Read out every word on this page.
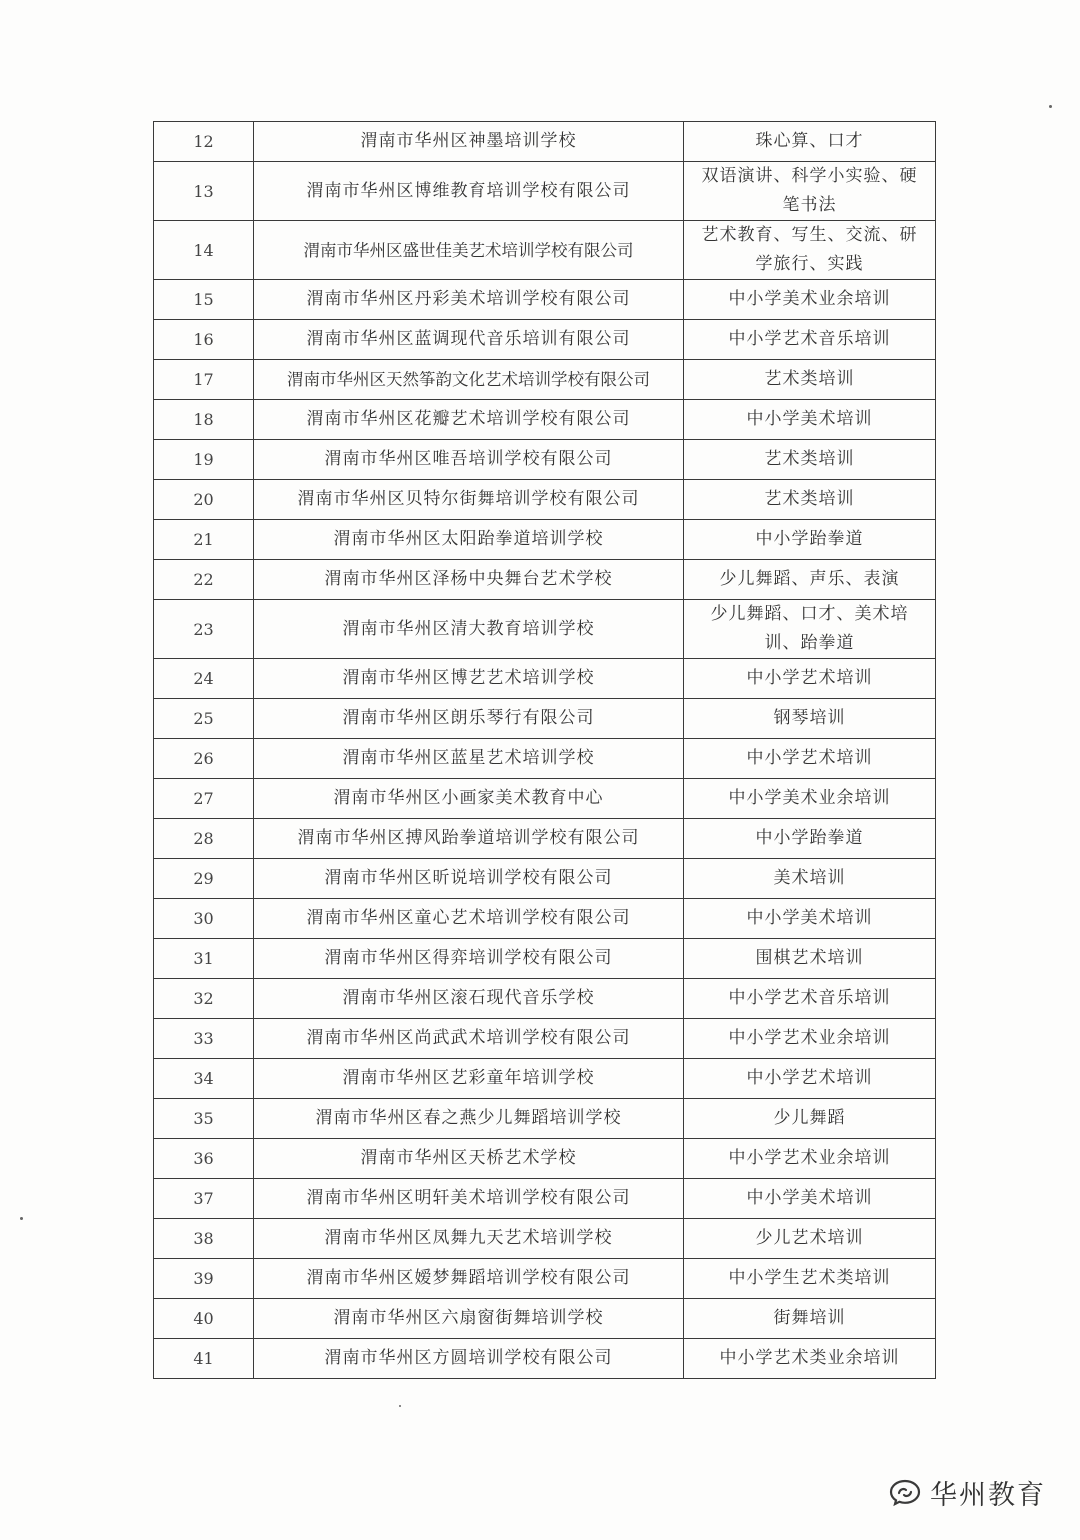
12	渭南市华州区神墨培训学校	珠心算、口才
13	渭南市华州区博维教育培训学校有限公司	双语演讲、科学小实验、硬笔书法
14	渭南市华州区盛世佳美艺术培训学校有限公司	艺术教育、写生、交流、研学旅行、实践
15	渭南市华州区丹彩美术培训学校有限公司	中小学美术业余培训
16	渭南市华州区蓝调现代音乐培训有限公司	中小学艺术音乐培训
17	渭南市华州区天然筝韵文化艺术培训学校有限公司	艺术类培训
18	渭南市华州区花瓣艺术培训学校有限公司	中小学美术培训
19	渭南市华州区唯吾培训学校有限公司	艺术类培训
20	渭南市华州区贝特尔街舞培训学校有限公司	艺术类培训
21	渭南市华州区太阳跆拳道培训学校	中小学跆拳道
22	渭南市华州区泽杨中央舞台艺术学校	少儿舞蹈、声乐、表演
23	渭南市华州区清大教育培训学校	少儿舞蹈、口才、美术培训、跆拳道
24	渭南市华州区博艺艺术培训学校	中小学艺术培训
25	渭南市华州区朗乐琴行有限公司	钢琴培训
26	渭南市华州区蓝星艺术培训学校	中小学艺术培训
27	渭南市华州区小画家美术教育中心	中小学美术业余培训
28	渭南市华州区搏风跆拳道培训学校有限公司	中小学跆拳道
29	渭南市华州区昕说培训学校有限公司	美术培训
30	渭南市华州区童心艺术培训学校有限公司	中小学美术培训
31	渭南市华州区得弈培训学校有限公司	围棋艺术培训
32	渭南市华州区滚石现代音乐学校	中小学艺术音乐培训
33	渭南市华州区尚武武术培训学校有限公司	中小学艺术业余培训
34	渭南市华州区艺彩童年培训学校	中小学艺术培训
35	渭南市华州区春之燕少儿舞蹈培训学校	少儿舞蹈
36	渭南市华州区天桥艺术学校	中小学艺术业余培训
37	渭南市华州区明轩美术培训学校有限公司	中小学美术培训
38	渭南市华州区凤舞九天艺术培训学校	少儿艺术培训
39	渭南市华州区嫒梦舞蹈培训学校有限公司	中小学生艺术类培训
40	渭南市华州区六扇窗街舞培训学校	街舞培训
41	渭南市华州区方圆培训学校有限公司	中小学艺术类业余培训
华州教育
